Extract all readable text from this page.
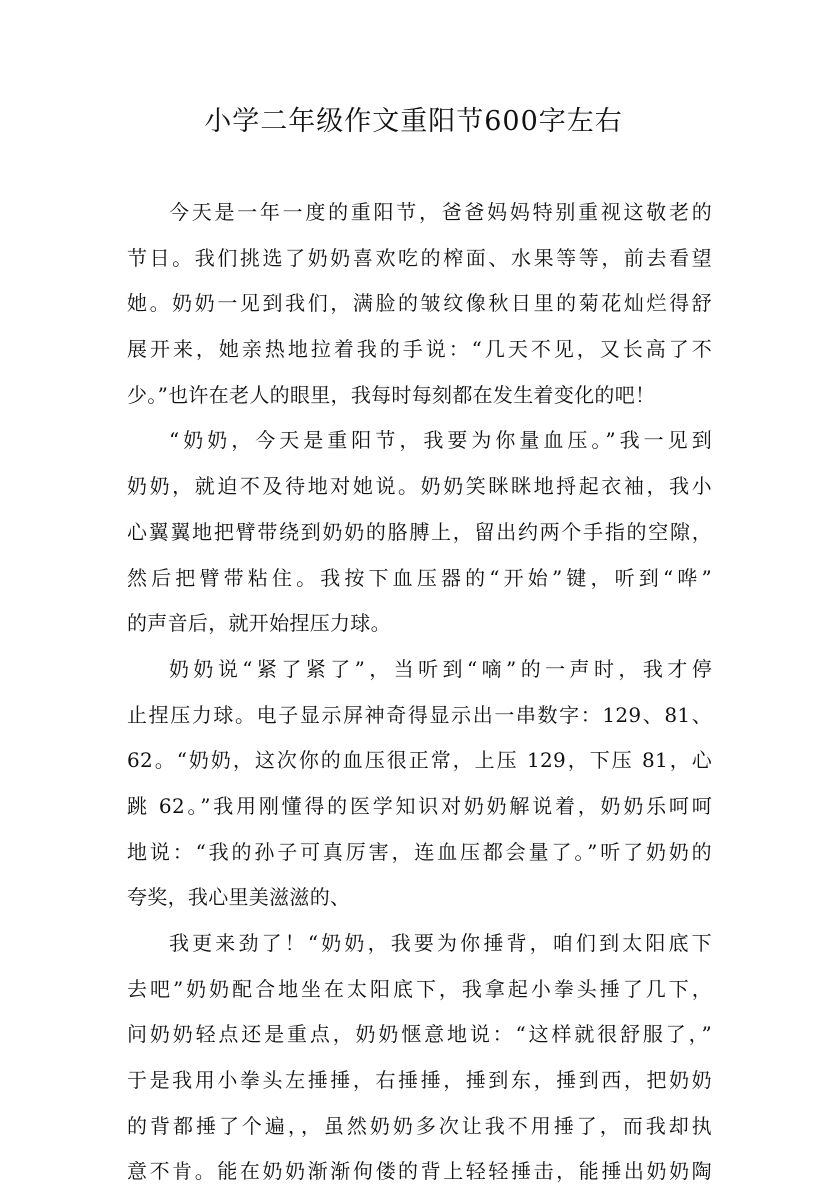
小学二年级作文重阳节600字左右
今天是一年一度的重阳节，爸爸妈妈特别重视这敬老的
节日。我们挑选了奶奶喜欢吃的榨面、水果等等，前去看望
她。奶奶一见到我们，满脸的皱纹像秋日里的菊花灿烂得舒
展开来，她亲热地拉着我的手说：“几天不见，又长高了不
少。”也许在老人的眼里，我每时每刻都在发生着变化的吧！
“奶奶，今天是重阳节，我要为你量血压。”我一见到
奶奶，就迫不及待地对她说。奶奶笑眯眯地捋起衣袖，我小
心翼翼地把臂带绕到奶奶的胳膊上，留出约两个手指的空隙，
然后把臂带粘住。我按下血压器的“开始”键，听到“哗”
的声音后，就开始捏压力球。
奶奶说“紧了紧了”，当听到“嘀”的一声时，我才停
止捏压力球。电子显示屏神奇得显示出一串数字：129、81、
62。“奶奶，这次你的血压很正常，上压 129，下压 81，心
跳 62。”我用刚懂得的医学知识对奶奶解说着，奶奶乐呵呵
地说：“我的孙子可真厉害，连血压都会量了。”听了奶奶的
夸奖，我心里美滋滋的、
我更来劲了！“奶奶，我要为你捶背，咱们到太阳底下
去吧”奶奶配合地坐在太阳底下，我拿起小拳头捶了几下，
问奶奶轻点还是重点，奶奶惬意地说：“这样就很舒服了，”
于是我用小拳头左捶捶，右捶捶，捶到东，捶到西，把奶奶
的背都捶了个遍，，虽然奶奶多次让我不用捶了，而我却执
意不肯。能在奶奶渐渐佝偻的背上轻轻捶击，能捶出奶奶陶
